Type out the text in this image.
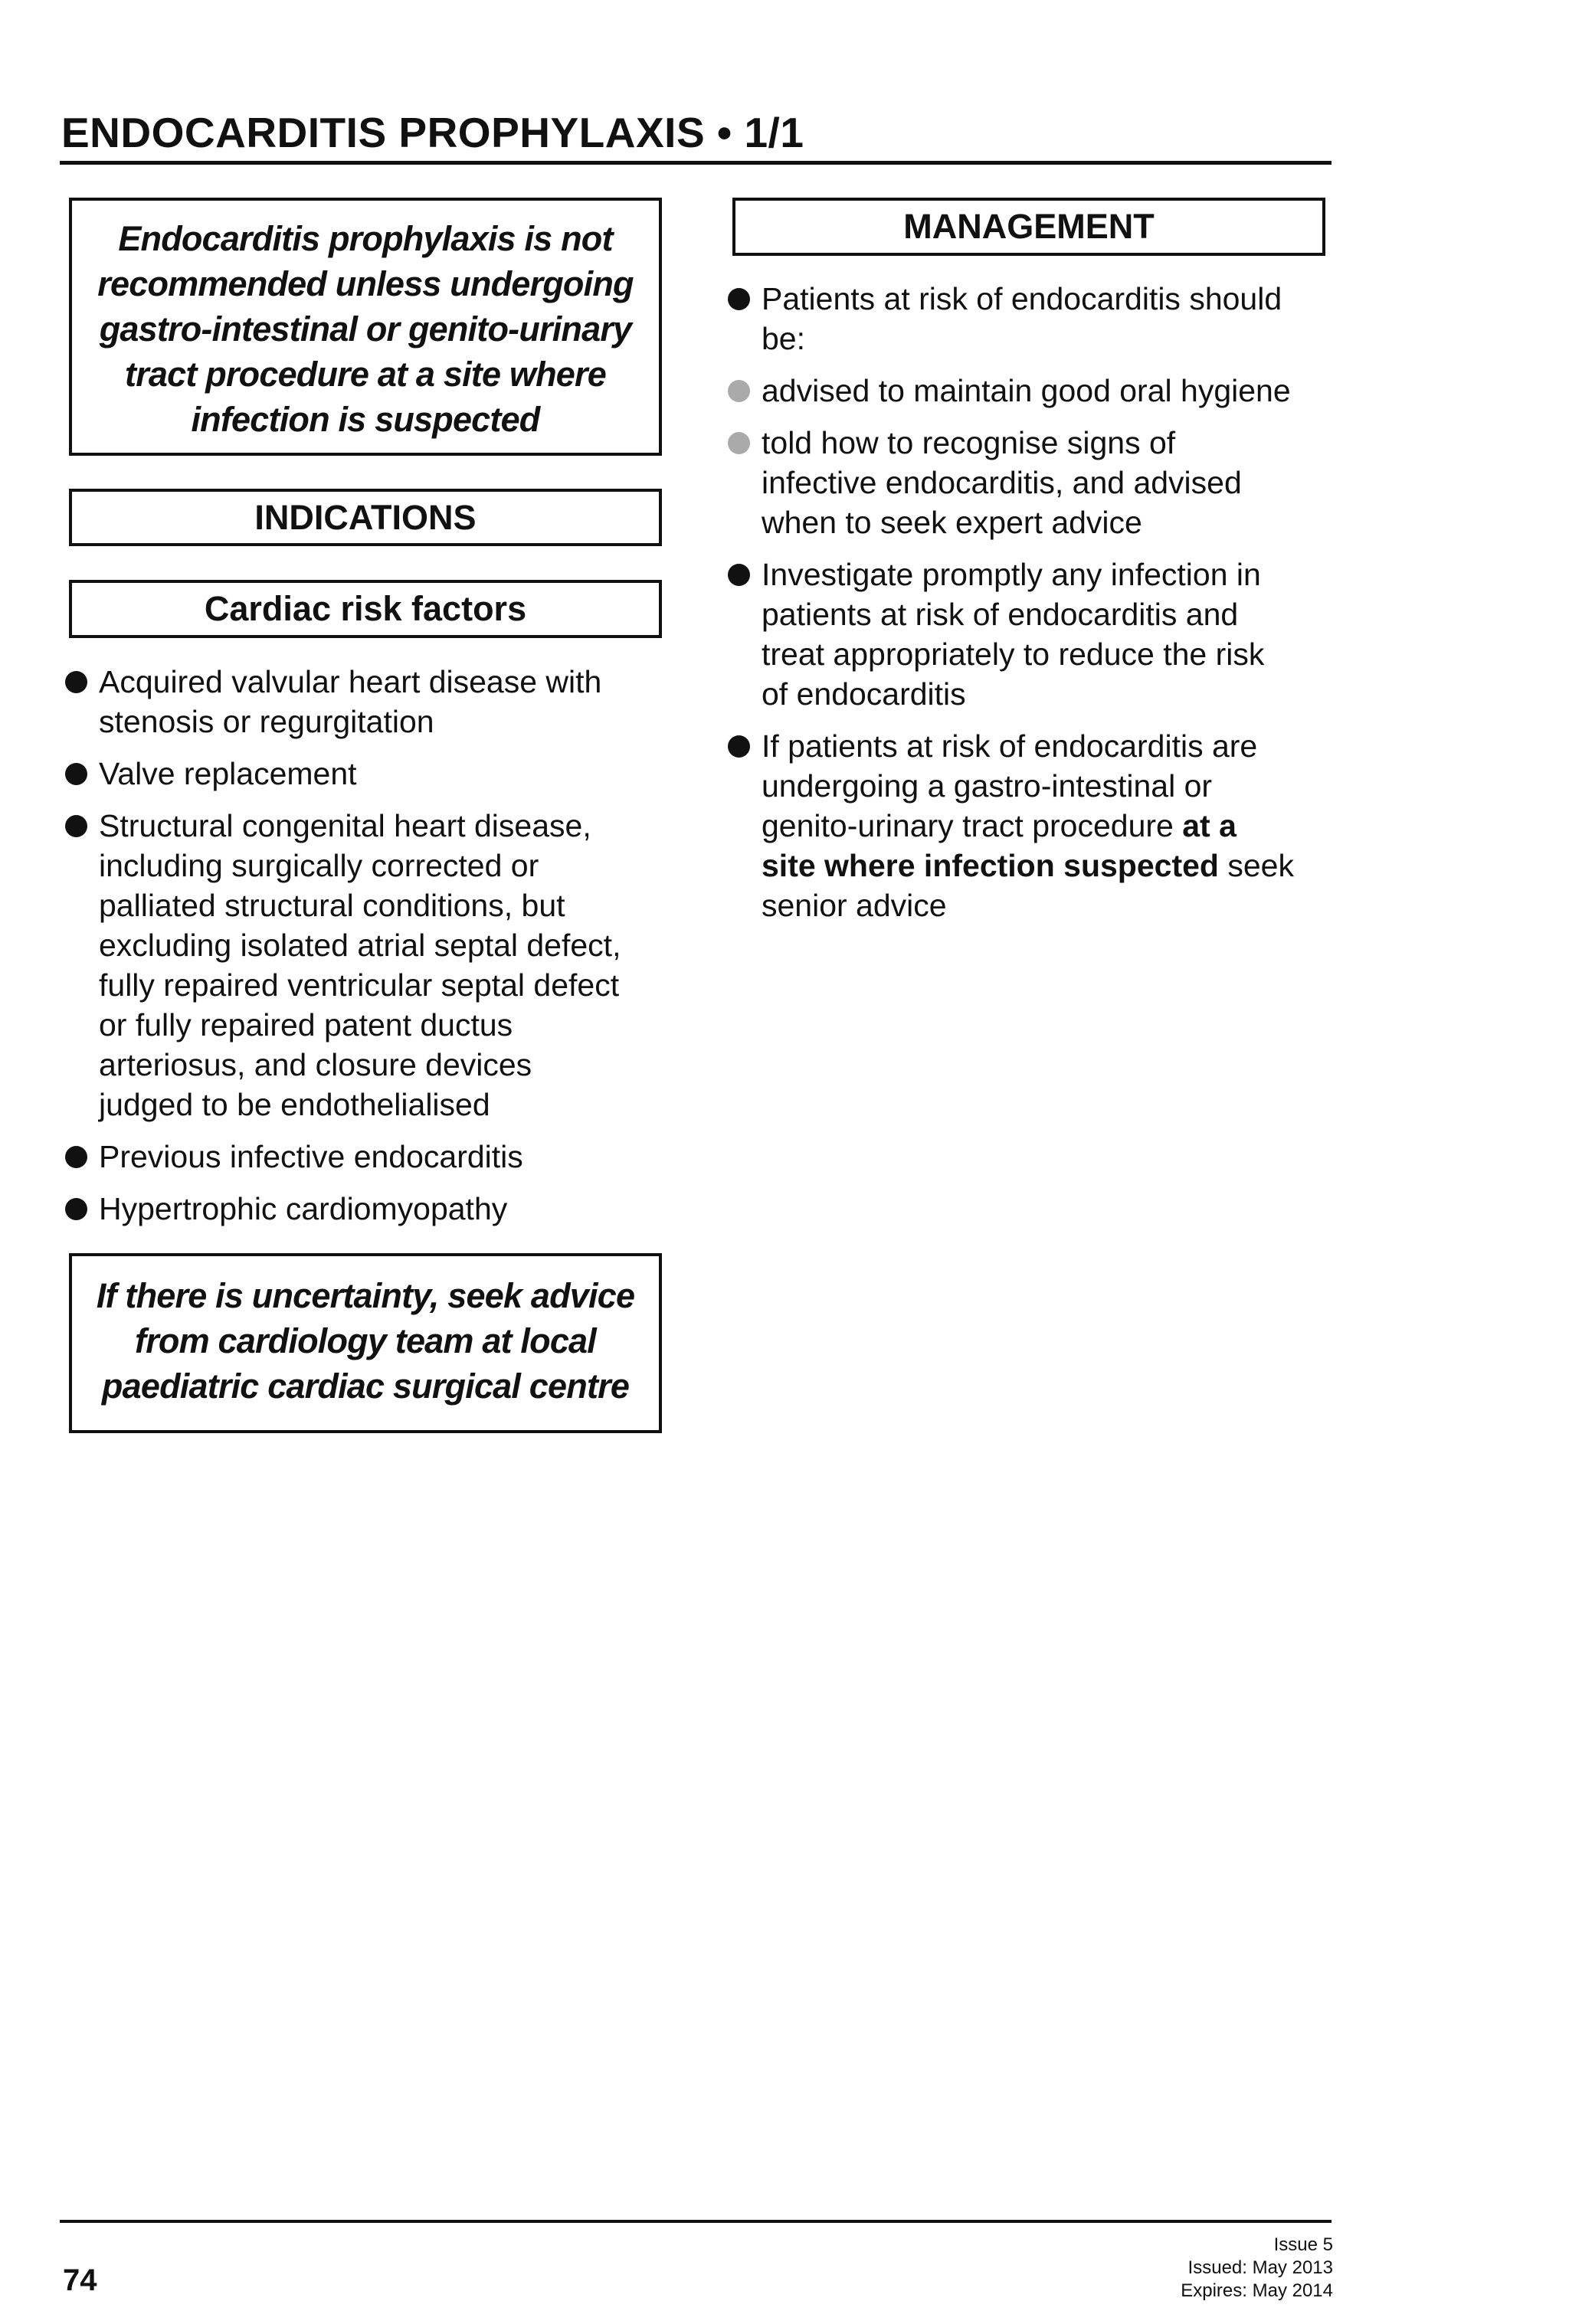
ENDOCARDITIS PROPHYLAXIS • 1/1
Endocarditis prophylaxis is not
recommended unless undergoing
gastro-intestinal or genito-urinary
tract procedure at a site where
infection is suspected
INDICATIONS
Cardiac risk factors
Acquired valvular heart disease with
stenosis or regurgitation
Valve replacement
Structural congenital heart disease,
including surgically corrected or
palliated structural conditions, but
excluding isolated atrial septal defect,
fully repaired ventricular septal defect
or fully repaired patent ductus
arteriosus, and closure devices
judged to be endothelialised
Previous infective endocarditis
Hypertrophic cardiomyopathy
If there is uncertainty, seek advice
from cardiology team at local
paediatric cardiac surgical centre
MANAGEMENT
Patients at risk of endocarditis should
be:
advised to maintain good oral hygiene
told how to recognise signs of
infective endocarditis, and advised
when to seek expert advice
Investigate promptly any infection in
patients at risk of endocarditis and
treat appropriately to reduce the risk
of endocarditis
If patients at risk of endocarditis are
undergoing a gastro-intestinal or
genito-urinary tract procedure at a
site where infection suspected seek
senior advice
74
Issue 5
Issued: May 2013
Expires: May 2014
